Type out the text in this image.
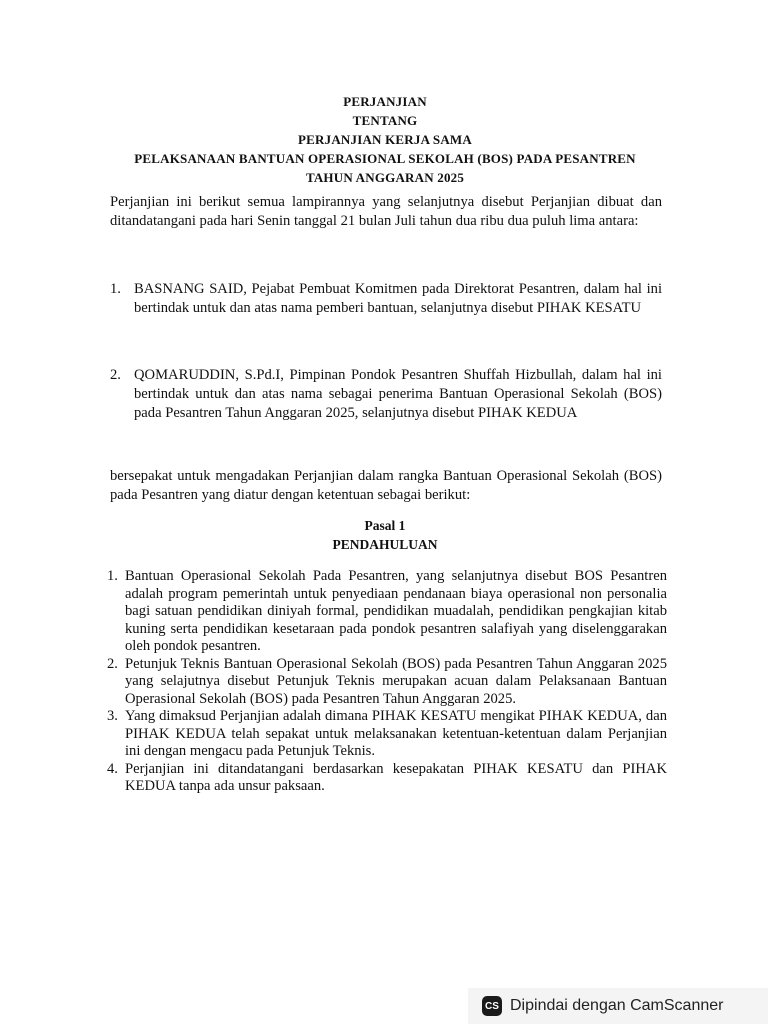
PERJANJIAN
TENTANG
PERJANJIAN KERJA SAMA
PELAKSANAAN BANTUAN OPERASIONAL SEKOLAH (BOS) PADA PESANTREN
TAHUN ANGGARAN 2025
Perjanjian ini berikut semua lampirannya yang selanjutnya disebut Perjanjian dibuat dan ditandatangani pada hari Senin tanggal 21 bulan Juli tahun dua ribu dua puluh lima antara:
1. BASNANG SAID, Pejabat Pembuat Komitmen pada Direktorat Pesantren, dalam hal ini bertindak untuk dan atas nama pemberi bantuan, selanjutnya disebut PIHAK KESATU
2. QOMARUDDIN, S.Pd.I, Pimpinan Pondok Pesantren Shuffah Hizbullah, dalam hal ini bertindak untuk dan atas nama sebagai penerima Bantuan Operasional Sekolah (BOS) pada Pesantren Tahun Anggaran 2025, selanjutnya disebut PIHAK KEDUA
bersepakat untuk mengadakan Perjanjian dalam rangka Bantuan Operasional Sekolah (BOS) pada Pesantren yang diatur dengan ketentuan sebagai berikut:
Pasal 1
PENDAHULUAN

1. Bantuan Operasional Sekolah Pada Pesantren, yang selanjutnya disebut BOS Pesantren adalah program pemerintah untuk penyediaan pendanaan biaya operasional non personalia bagi satuan pendidikan diniyah formal, pendidikan muadalah, pendidikan pengkajian kitab kuning serta pendidikan kesetaraan pada pondok pesantren salafiyah yang diselenggarakan oleh pondok pesantren.

2. Petunjuk Teknis Bantuan Operasional Sekolah (BOS) pada Pesantren Tahun Anggaran 2025 yang selajutnya disebut Petunjuk Teknis merupakan acuan dalam Pelaksanaan Bantuan Operasional Sekolah (BOS) pada Pesantren Tahun Anggaran 2025.

3. Yang dimaksud Perjanjian adalah dimana PIHAK KESATU mengikat PIHAK KEDUA, dan PIHAK KEDUA telah sepakat untuk melaksanakan ketentuan-ketentuan dalam Perjanjian ini dengan mengacu pada Petunjuk Teknis.

4. Perjanjian ini ditandatangani berdasarkan kesepakatan PIHAK KESATU dan PIHAK KEDUA tanpa ada unsur paksaan.

CS Dipindai dengan CamScanner
